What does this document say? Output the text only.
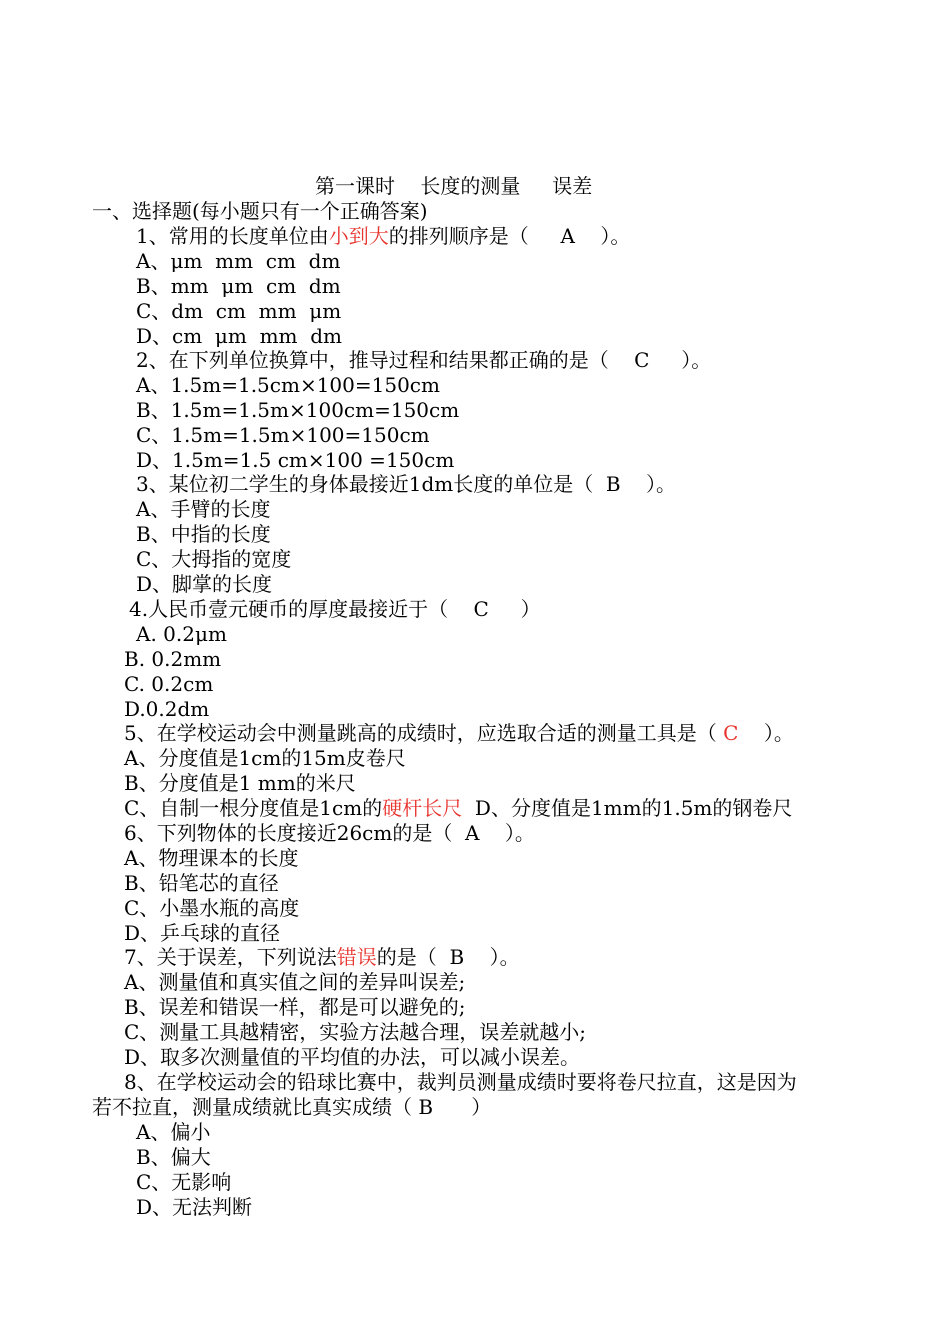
第一课时    长度的测量     误差
一、选择题(每小题只有一个正确答案)
1、常用的长度单位由小到大的排列顺序是（     A    ）。
A、μm  mm  cm  dm
B、mm  μm  cm  dm
C、dm  cm  mm  μm
D、cm  μm  mm  dm
2、在下列单位换算中，推导过程和结果都正确的是（    C     ）。
A、1.5m=1.5cm×100=150cm
B、1.5m=1.5m×100cm=150cm
C、1.5m=1.5m×100=150cm
D、1.5m=1.5 cm×100 =150cm
3、某位初二学生的身体最接近1dm长度的单位是（  B    ）。
A、手臂的长度
B、中指的长度
C、大拇指的宽度
D、脚掌的长度
4.人民币壹元硬币的厚度最接近于（    C     ）
A. 0.2μm
B. 0.2mm
C. 0.2cm
D.0.2dm
5、在学校运动会中测量跳高的成绩时，应选取合适的测量工具是（ C    ）。
A、分度值是1cm的15m皮卷尺
B、分度值是1 mm的米尺
C、自制一根分度值是1cm的硬杆长尺  D、分度值是1mm的1.5m的钢卷尺
6、下列物体的长度接近26cm的是（  A    ）。
A、物理课本的长度
B、铅笔芯的直径
C、小墨水瓶的高度
D、乒乓球的直径
7、关于误差，下列说法错误的是（  B    ）。
A、测量值和真实值之间的差异叫误差;
B、误差和错误一样，都是可以避免的;
C、测量工具越精密，实验方法越合理，误差就越小;
D、取多次测量值的平均值的办法，可以减小误差。
8、在学校运动会的铅球比赛中，裁判员测量成绩时要将卷尺拉直，这是因为
若不拉直，测量成绩就比真实成绩（ B      ）
A、偏小
B、偏大
C、无影响
D、无法判断
